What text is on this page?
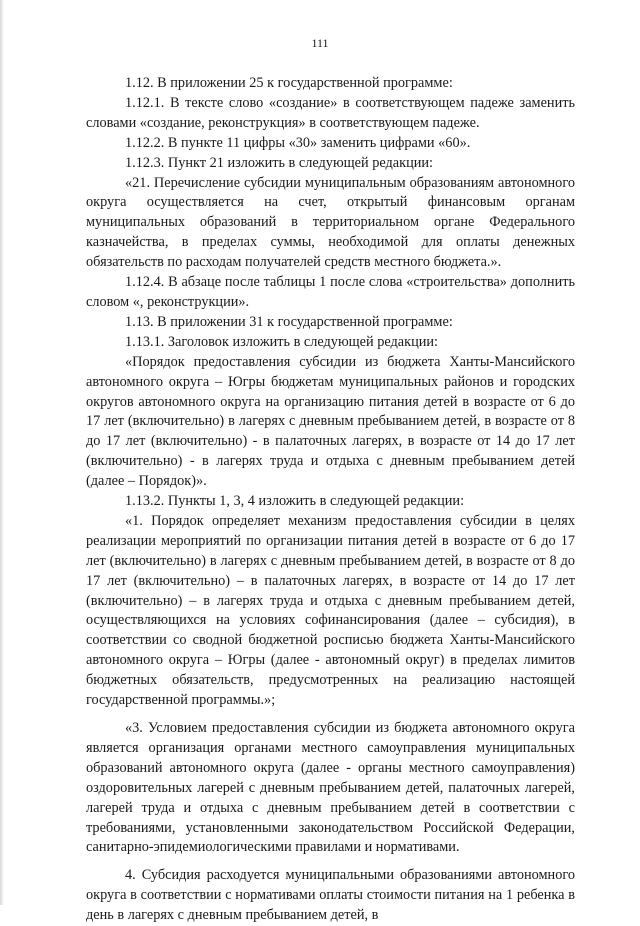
111

1.12. В приложении 25 к государственной программе:

1.12.1. В тексте слово «создание» в соответствующем падеже заменить словами «создание, реконструкция» в соответствующем падеже.

1.12.2. В пункте 11 цифры «30» заменить цифрами «60».

1.12.3. Пункт 21 изложить в следующей редакции:

«21. Перечисление субсидии муниципальным образованиям автономного округа осуществляется на счет, открытый финансовым органам муниципальных образований в территориальном органе Федерального казначейства, в пределах суммы, необходимой для оплаты денежных обязательств по расходам получателей средств местного бюджета.».

1.12.4. В абзаце после таблицы 1 после слова «строительства» дополнить словом «, реконструкции».

1.13. В приложении 31 к государственной программе:

1.13.1. Заголовок изложить в следующей редакции:

«Порядок предоставления субсидии из бюджета Ханты-Мансийского автономного округа – Югры бюджетам муниципальных районов и городских округов автономного округа на организацию питания детей в возрасте от 6 до 17 лет (включительно) в лагерях с дневным пребыванием детей, в возрасте от 8 до 17 лет (включительно) - в палаточных лагерях, в возрасте от 14 до 17 лет (включительно) - в лагерях труда и отдыха с дневным пребыванием детей (далее – Порядок)».

1.13.2. Пункты 1, 3, 4 изложить в следующей редакции:

«1. Порядок определяет механизм предоставления субсидии в целях реализации мероприятий по организации питания детей в возрасте от 6 до 17 лет (включительно) в лагерях с дневным пребыванием детей, в возрасте от 8 до 17 лет (включительно) – в палаточных лагерях, в возрасте от 14 до 17 лет (включительно) – в лагерях труда и отдыха с дневным пребыванием детей, осуществляющихся на условиях софинансирования (далее – субсидия), в соответствии со сводной бюджетной росписью бюджета Ханты-Мансийского автономного округа – Югры (далее - автономный округ) в пределах лимитов бюджетных обязательств, предусмотренных на реализацию настоящей государственной программы.»;

«3. Условием предоставления субсидии из бюджета автономного округа является организация органами местного самоуправления муниципальных образований автономного округа (далее - органы местного самоуправления) оздоровительных лагерей с дневным пребыванием детей, палаточных лагерей, лагерей труда и отдыха с дневным пребыванием детей в соответствии с требованиями, установленными законодательством Российской Федерации, санитарно-эпидемиологическими правилами и нормативами.

4. Субсидия расходуется муниципальными образованиями автономного округа в соответствии с нормативами оплаты стоимости питания на 1 ребенка в день в лагерях с дневным пребыванием детей, в
